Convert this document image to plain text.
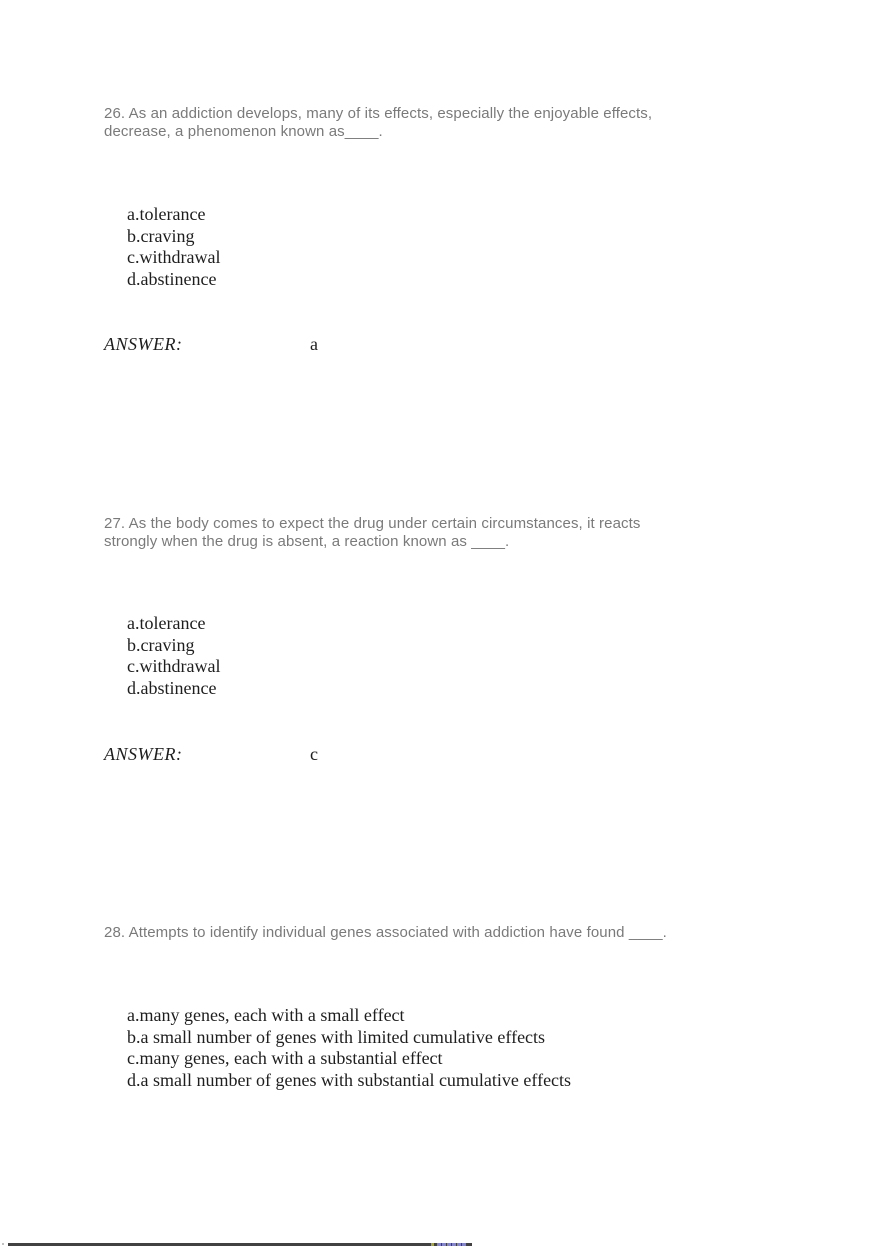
26. As an addiction develops, many of its effects, especially the enjoyable effects, decrease, a phenomenon known as____.

a.tolerance
b.craving
c.withdrawal
d.abstinence
ANSWER:	a

27. As the body comes to expect the drug under certain circumstances, it reacts strongly when the drug is absent, a reaction known as ____.

a.tolerance
b.craving
c.withdrawal
d.abstinence
ANSWER:	c

28. Attempts to identify individual genes associated with addiction have found ____.

a.many genes, each with a small effect
b.a small number of genes with limited cumulative effects
c.many genes, each with a substantial effect
d.a small number of genes with substantial cumulative effects
